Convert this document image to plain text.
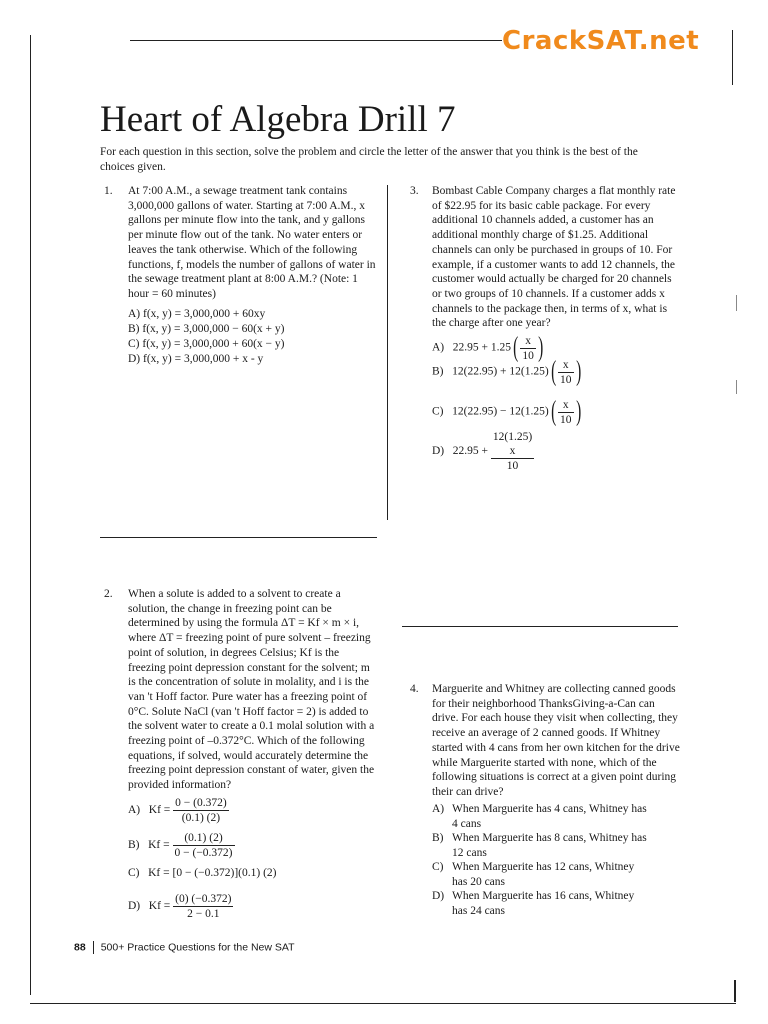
CrackSAT.net
Heart of Algebra Drill 7
For each question in this section, solve the problem and circle the letter of the answer that you think is the best of the choices given.
1. At 7:00 A.M., a sewage treatment tank contains 3,000,000 gallons of water. Starting at 7:00 A.M., x gallons per minute flow into the tank, and y gallons per minute flow out of the tank. No water enters or leaves the tank otherwise. Which of the following functions, f, models the number of gallons of water in the sewage treatment plant at 8:00 A.M.? (Note: 1 hour = 60 minutes)
A) f(x, y) = 3,000,000 + 60xy
B) f(x, y) = 3,000,000 − 60(x + y)
C) f(x, y) = 3,000,000 + 60(x − y)
D) f(x, y) = 3,000,000 + x - y
3. Bombast Cable Company charges a flat monthly rate of $22.95 for its basic cable package. For every additional 10 channels added, a customer has an additional monthly charge of $1.25. Additional channels can only be purchased in groups of 10. For example, if a customer wants to add 12 channels, the customer would actually be charged for 20 channels or two groups of 10 channels. If a customer adds x channels to the package then, in terms of x, what is the charge after one year?
A) $22.95 + 1.25( \frac{x}{10}$ )
B) $12(22.95) + 12(1.25)( \frac{x}{10}$ )
C) $12(22.95) - 12(1.25)( \frac{x}{10}$ )
D) 22.95 +
12(1.25)
x
10
2. When a solute is added to a solvent to create a solution, the change in freezing point can be determined by using the formula ΔT = Kf × m × i, where ΔT = freezing point of pure solvent – freezing point of solution, in degrees Celsius; Kf is the freezing point depression constant for the solvent; m is the concentration of solute in molality, and i is the van 't Hoff factor. Pure water has a freezing point of 0°C. Solute NaCl (van 't Hoff factor = 2) is added to the solvent water to create a 0.1 molal solution with a freezing point of –0.372°C. Which of the following equations, if solved, would accurately determine the freezing point depression constant of water, given the provided information?
A) $Kf = \frac{0 - (0.372)}{(0.1) (2)}$
B) $Kf = \frac{(0.1) (2)}{0 - (-0.372)}$
C) Kf = [0 − (−0.372)](0.1) (2)
D) $Kf = \frac{(0) (-0.372)}{2 - 0.1}$
4. Marguerite and Whitney are collecting canned goods for their neighborhood ThanksGiving-a-Can can drive. For each house they visit when collecting, they receive an average of 2 canned goods. If Whitney started with 4 cans from her own kitchen for the drive while Marguerite started with none, which of the following situations is correct at a given point during their can drive?
A) When Marguerite has 4 cans, Whitney has 4 cans
B) When Marguerite has 8 cans, Whitney has 12 cans
C) When Marguerite has 12 cans, Whitney has 20 cans
D) When Marguerite has 16 cans, Whitney has 24 cans
88 500+ Practice Questions for the New SAT
